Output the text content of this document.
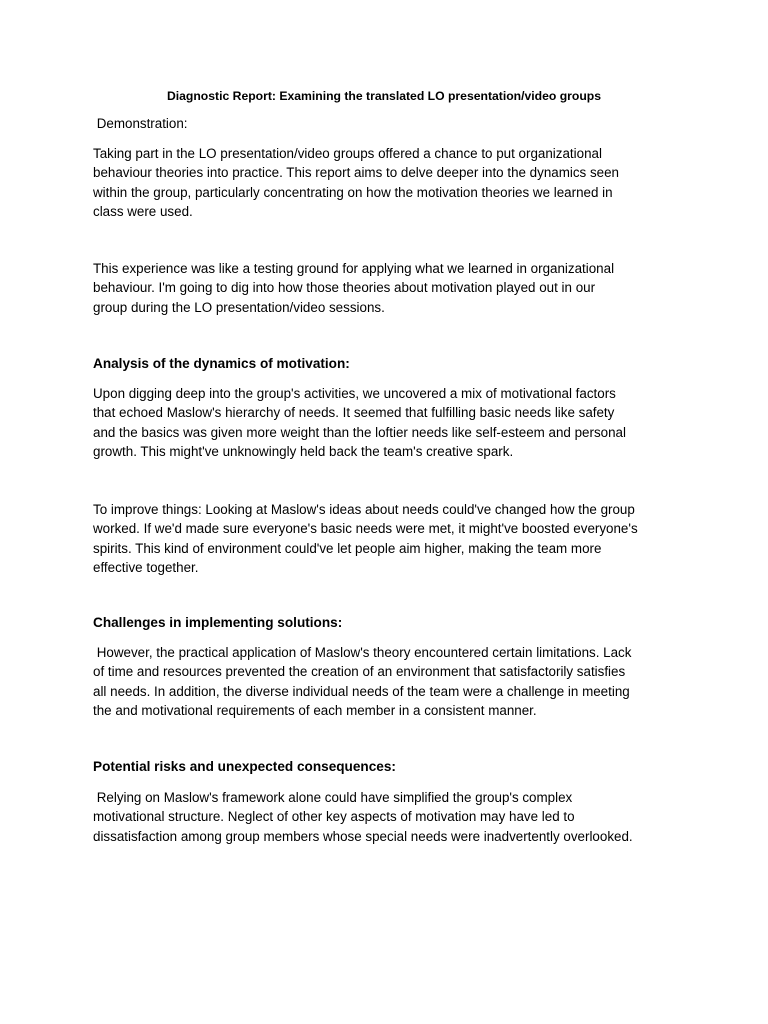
Diagnostic Report: Examining the translated LO presentation/video groups
Demonstration:
Taking part in the LO presentation/video groups offered a chance to put organizational
behaviour theories into practice. This report aims to delve deeper into the dynamics seen
within the group, particularly concentrating on how the motivation theories we learned in
class were used.
This experience was like a testing ground for applying what we learned in organizational
behaviour. I'm going to dig into how those theories about motivation played out in our
group during the LO presentation/video sessions.
Analysis of the dynamics of motivation:
Upon digging deep into the group's activities, we uncovered a mix of motivational factors
that echoed Maslow's hierarchy of needs. It seemed that fulfilling basic needs like safety
and the basics was given more weight than the loftier needs like self-esteem and personal
growth. This might've unknowingly held back the team's creative spark.
To improve things: Looking at Maslow's ideas about needs could've changed how the group
worked. If we'd made sure everyone's basic needs were met, it might've boosted everyone's
spirits. This kind of environment could've let people aim higher, making the team more
effective together.
Challenges in implementing solutions:
However, the practical application of Maslow's theory encountered certain limitations. Lack
of time and resources prevented the creation of an environment that satisfactorily satisfies
all needs. In addition, the diverse individual needs of the team were a challenge in meeting
the and motivational requirements of each member in a consistent manner.
Potential risks and unexpected consequences:
Relying on Maslow's framework alone could have simplified the group's complex
motivational structure. Neglect of other key aspects of motivation may have led to
dissatisfaction among group members whose special needs were inadvertently overlooked.
